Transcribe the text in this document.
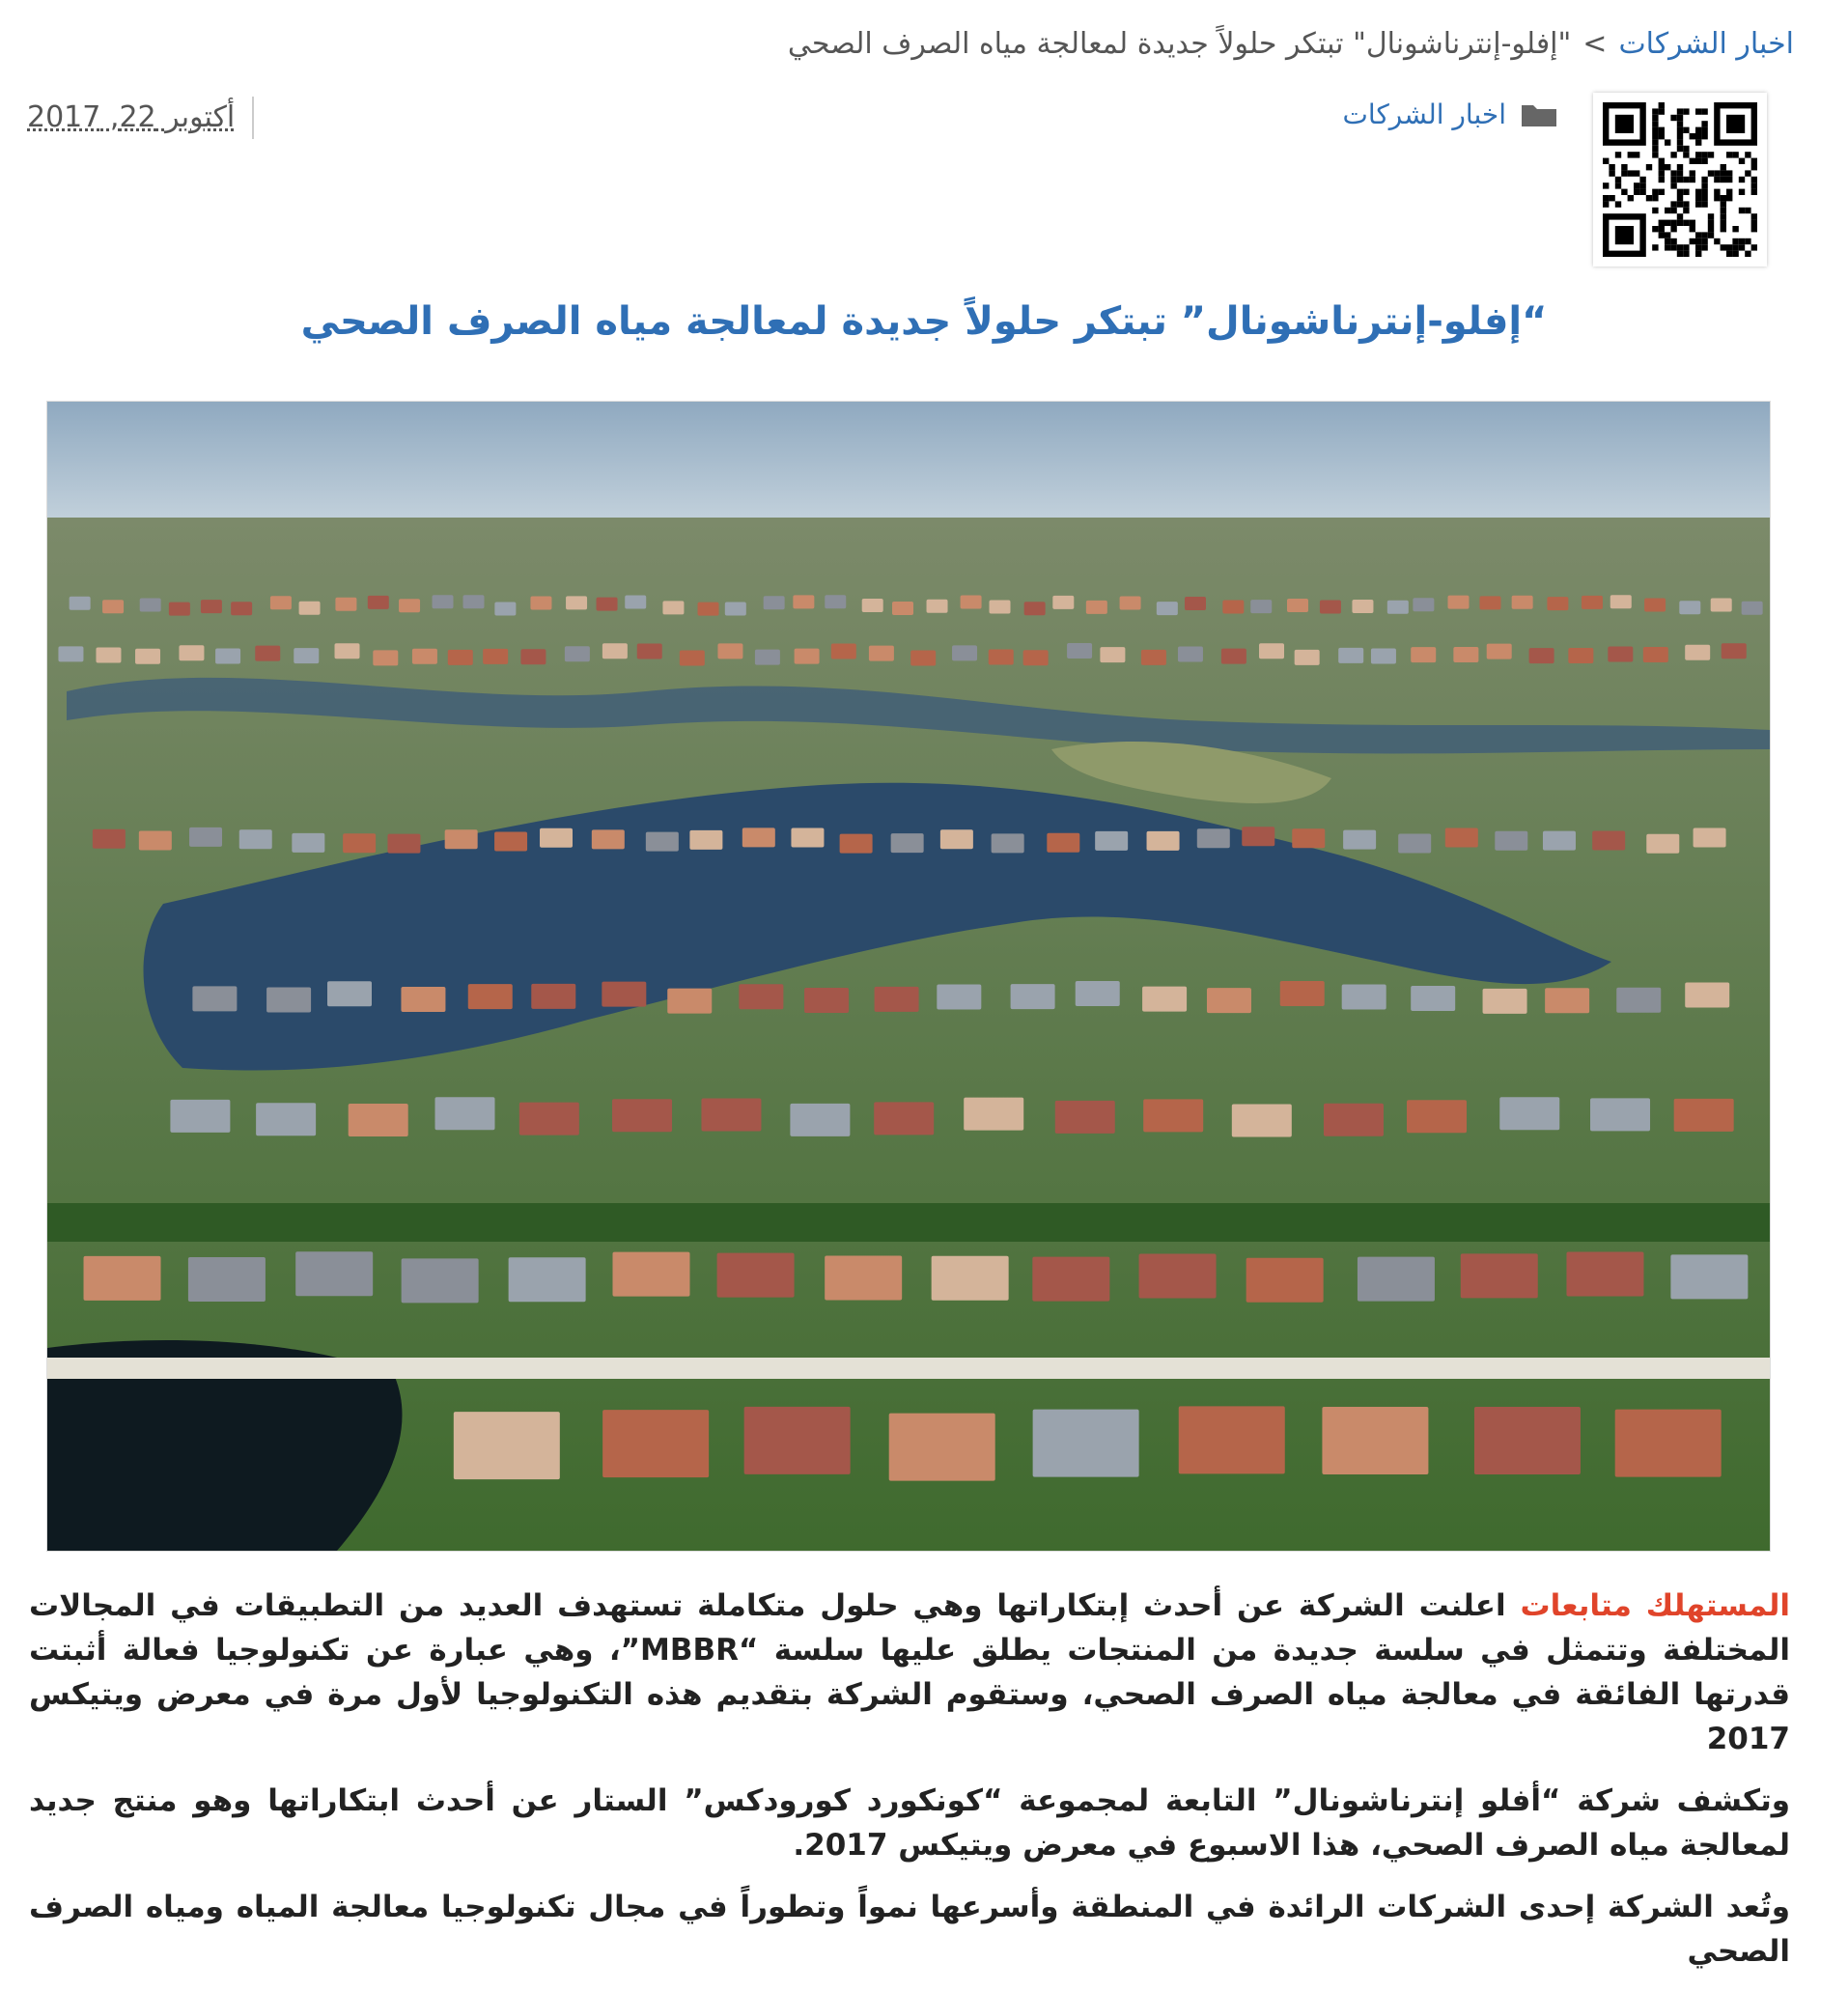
اخبار الشركات>"إفلو-إنترناشونال" تبتكر حلولاً جديدة لمعالجة مياه الصرف الصحي
أكتوبر 22, 2017	اخبار الشركات
“إفلو-إنترناشونال” تبتكر حلولاً جديدة لمعالجة مياه الصرف الصحي

المستهلك متابعات اعلنت الشركة عن أحدث إبتكاراتها وهي حلول متكاملة تستهدف العديد من التطبيقات في المجالات المختلفة وتتمثل في سلسة جديدة من المنتجات يطلق عليها سلسة “MBBR”، وهي عبارة عن تكنولوجيا فعالة أثبتت قدرتها الفائقة في معالجة مياه الصرف الصحي، وستقوم الشركة بتقديم هذه التكنولوجيا لأول مرة في معرض ويتيكس 2017

وتكشف شركة “أفلو إنترناشونال” التابعة لمجموعة “كونكورد كورودكس” الستار عن أحدث ابتكاراتها وهو منتج جديد لمعالجة مياه الصرف الصحي، هذا الاسبوع في معرض ويتيكس 2017.

وتُعد الشركة إحدى الشركات الرائدة في المنطقة وأسرعها نمواً وتطوراً في مجال تكنولوجيا معالجة المياه ومياه الصرف الصحي
